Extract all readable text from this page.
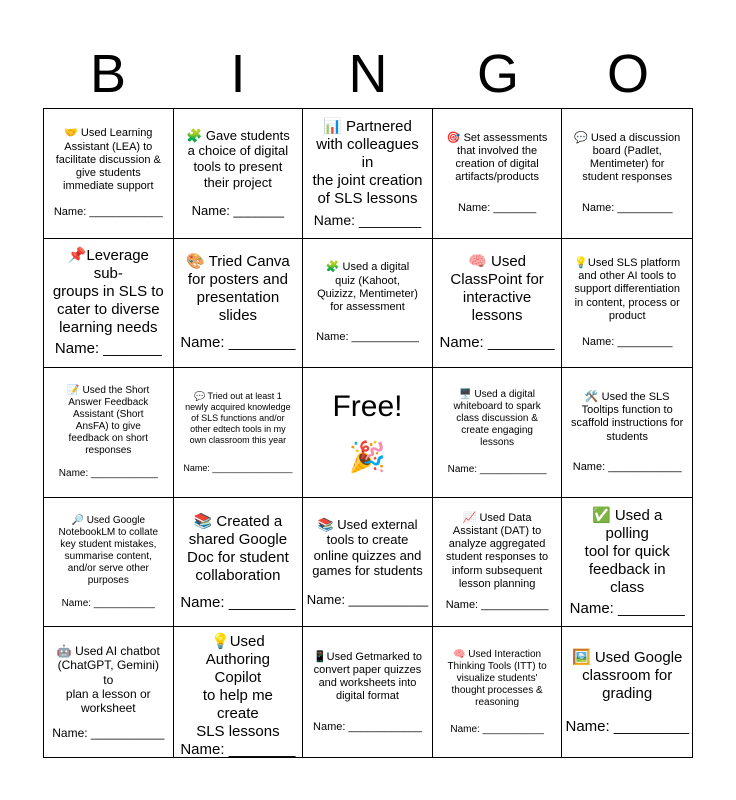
B	I	N	G	O
🤝 Used Learning
Assistant (LEA) to
facilitate discussion &
give students
immediate support
Name: ____________
🧩 Gave students
a choice of digital
tools to present
their project
Name: _______
📊 Partnered
with colleagues in
the joint creation
of SLS lessons
Name: ________
🎯 Set assessments
that involved the
creation of digital
artifacts/products
Name: _______
💬 Used a discussion
board (Padlet,
Mentimeter) for
student responses
Name: _________
📌Leverage sub-
groups in SLS to
cater to diverse
learning needs
Name: _______
🎨 Tried Canva
for posters and
presentation
slides
Name: ________
🧩 Used a digital
quiz (Kahoot,
Quizizz, Mentimeter)
for assessment
Name: ___________
🧠 Used
ClassPoint for
interactive
lessons
Name: ________
💡Used SLS platform
and other AI tools to
support differentiation
in content, process or
product
Name: _________
📝 Used the Short
Answer Feedback
Assistant (Short
AnsFA) to give
feedback on short
responses
Name: ____________
💬 Tried out at least 1
newly acquired knowledge
of SLS functions and/or
other edtech tools in my
own classroom this year
Name: ________________
Free!
🎉
🖥️ Used a digital
whiteboard to spark
class discussion &
create engaging
lessons
Name: ____________
🛠️ Used the SLS
Tooltips function to
scaffold instructions for
students
Name: ____________
🔎 Used Google
NotebookLM to collate
key student mistakes,
summarise content,
and/or serve other
purposes
Name: ___________
📚 Created a
shared Google
Doc for student
collaboration
Name: ________
📚 Used external
tools to create
online quizzes and
games for students
Name: ___________
📈 Used Data
Assistant (DAT) to
analyze aggregated
student responses to
inform subsequent
lesson planning
Name: ___________
✅ Used a polling
tool for quick
feedback in class
Name: ________
🤖 Used AI chatbot
(ChatGPT, Gemini) to
plan a lesson or
worksheet
Name: ___________
💡Used
Authoring Copilot
to help me create
SLS lessons
Name: ________
📱Used Getmarked to
convert paper quizzes
and worksheets into
digital format
Name: ____________
🧠 Used Interaction
Thinking Tools (ITT) to
visualize students'
thought processes &
reasoning
Name: ___________
🖼️ Used Google
classroom for
grading
Name: _________
